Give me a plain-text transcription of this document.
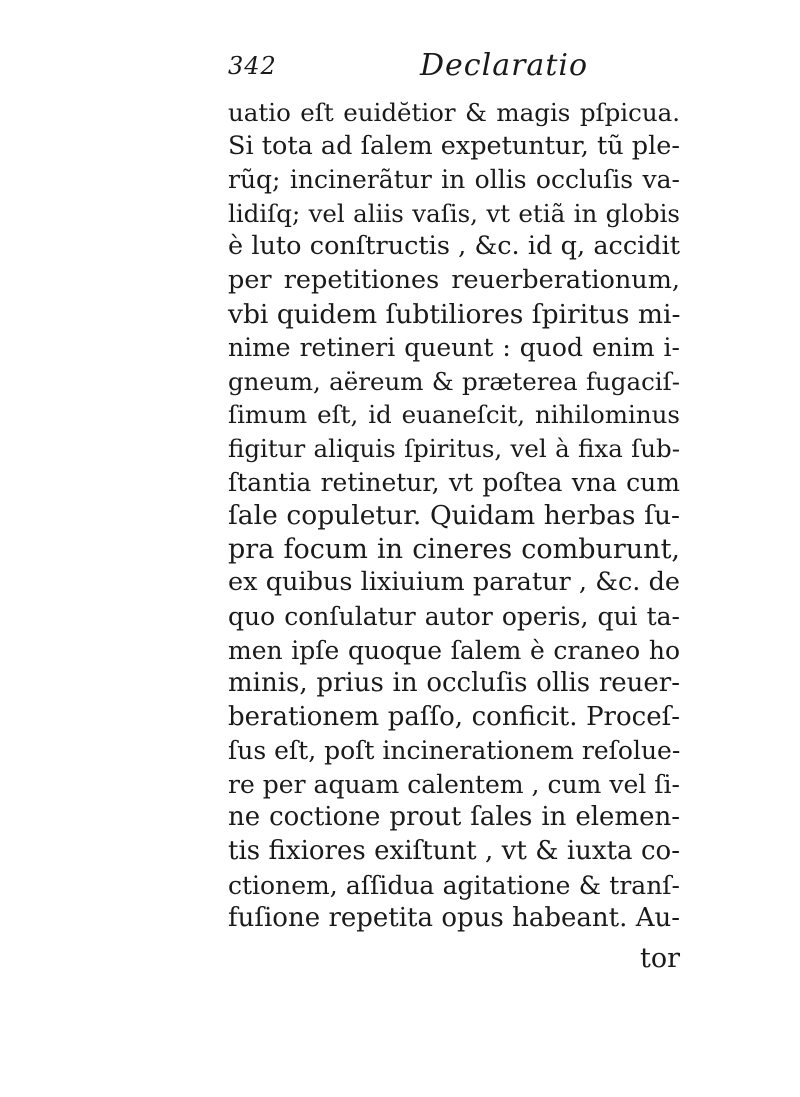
342	Declaratio
uatio eſt euidĕtior & magis pſpicua.
Si tota ad ſalem expetuntur, tũ ple-
rũq; incinerãtur in ollis occluſis va-
lidiſq; vel aliis vaſis, vt etiã in globis
è luto conſtructis , &c. id q, accidit
per repetitiones reuerberationum,
vbi quidem ſubtiliores ſpiritus mi-
nime retineri queunt : quod enim i-
gneum, aëreum & præterea fugaciſ-
ſimum eſt, id euaneſcit, nihilominus
figitur aliquis ſpiritus, vel à fixa ſub-
ſtantia retinetur, vt poſtea vna cum
ſale copuletur. Quidam herbas ſu-
pra focum in cineres comburunt,
ex quibus lixiuium paratur , &c. de
quo conſulatur autor operis, qui ta-
men ipſe quoque ſalem è craneo ho
minis, prius in occluſis ollis reuer-
berationem paſſo, conficit. Proceſ-
ſus eſt, poſt incinerationem reſolue-
re per aquam calentem , cum vel ſi-
ne coctione prout ſales in elemen-
tis fixiores exiſtunt , vt & iuxta co-
ctionem, aſſidua agitatione & tranſ-
fuſione repetita opus habeant. Au-
tor
